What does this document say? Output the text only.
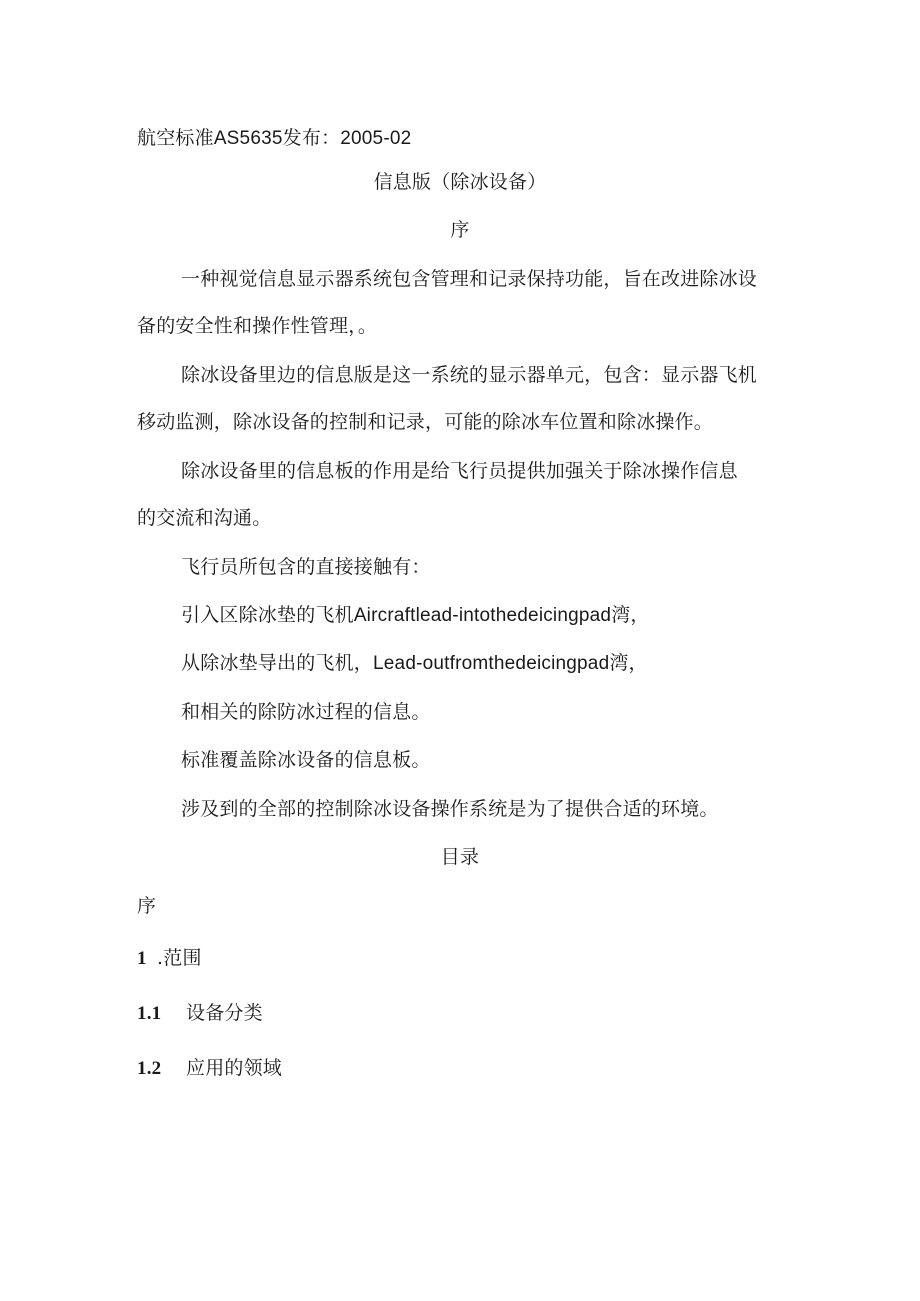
航空标准AS5635发布：2005-02
信息版（除冰设备）
序
一种视觉信息显示器系统包含管理和记录保持功能，旨在改进除冰设
备的安全性和操作性管理，。
除冰设备里边的信息版是这一系统的显示器单元，包含：显示器飞机
移动监测，除冰设备的控制和记录，可能的除冰车位置和除冰操作。
除冰设备里的信息板的作用是给飞行员提供加强关于除冰操作信息
的交流和沟通。
飞行员所包含的直接接触有：
引入区除冰垫的飞机Aircraftlead-intothedeicingpad湾，
从除冰垫导出的飞机，Lead-outfromthedeicingpad湾，
和相关的除防冰过程的信息。
标准覆盖除冰设备的信息板。
涉及到的全部的控制除冰设备操作系统是为了提供合适的环境。
目录
序
1 .范围
1.1 设备分类
1.2 应用的领域
